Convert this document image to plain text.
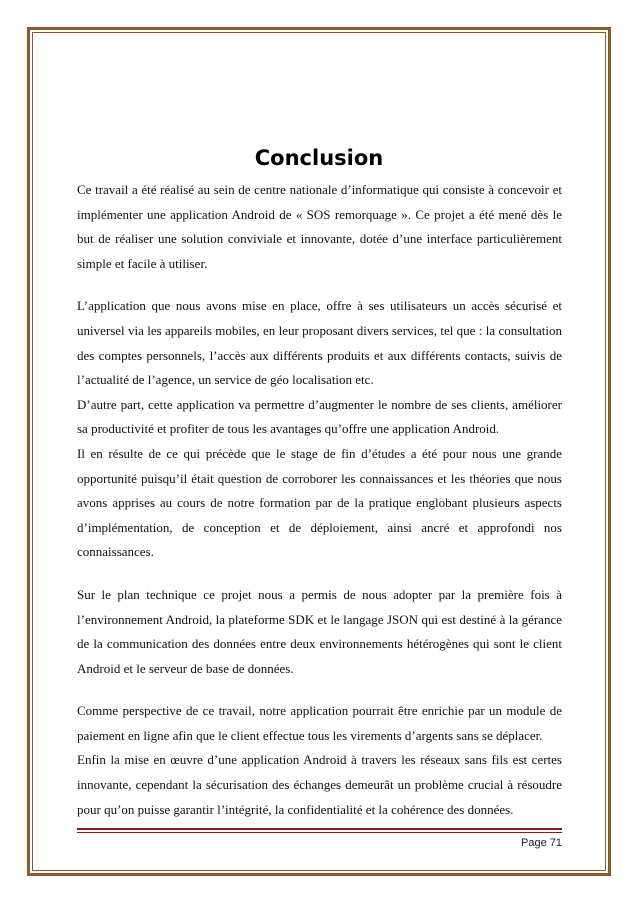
Conclusion

Ce travail a été réalisé au sein de centre nationale d’informatique qui consiste à concevoir et implémenter une application Android de « SOS remorquage ». Ce projet a été mené dès le but de réaliser une solution conviviale et innovante, dotée d’une interface particulièrement simple et facile à utiliser.

L’application que nous avons mise en place, offre à ses utilisateurs un accès sécurisé et universel via les appareils mobiles, en leur proposant divers services, tel que : la consultation des comptes personnels, l’accès aux différents produits et aux différents contacts, suivis de l’actualité de l’agence, un service de géo localisation etc.

D’autre part, cette application va permettre d’augmenter le nombre de ses clients, améliorer sa productivité et profiter de tous les avantages qu’offre une application Android.

Il en résulte de ce qui précède que le stage de fin d’études a été pour nous une grande opportunité puisqu’il était question de corroborer les connaissances et les théories que nous avons apprises au cours de notre formation par de la pratique englobant plusieurs aspects d’implémentation, de conception et de déploiement, ainsi ancré et approfondi nos connaissances.

Sur le plan technique ce projet nous a permis de nous adopter par la première fois à l’environnement Android, la plateforme SDK et le langage JSON qui est destiné à la gérance de la communication des données entre deux environnements hétérogènes qui sont le client Android et le serveur de base de données.

Comme perspective de ce travail, notre application pourrait être enrichie par un module de paiement en ligne afin que le client effectue tous les virements d’argents sans se déplacer.

Enfin la mise en œuvre d’une application Android à travers les réseaux sans fils est certes innovante, cependant la sécurisation des échanges demeurât un problème crucial à résoudre pour qu’on puisse garantir l’intégrité, la confidentialité et la cohérence des données.

Page 71
